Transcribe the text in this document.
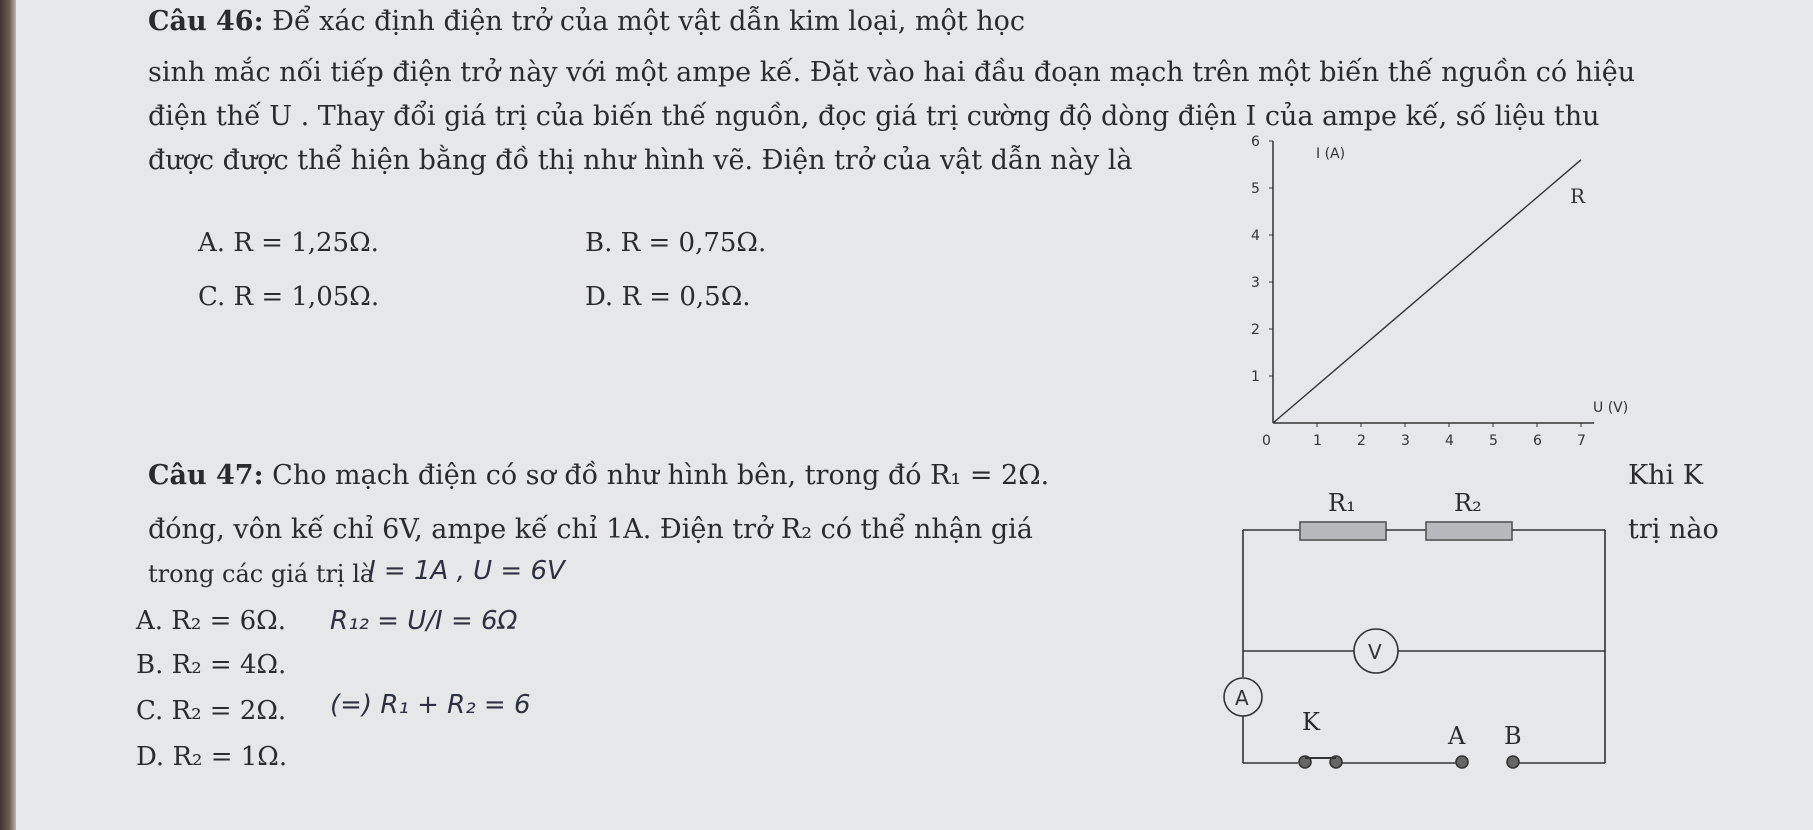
Câu 46: Để xác định điện trở của một vật dẫn kim loại, một học
sinh mắc nối tiếp điện trở này với một ampe kế. Đặt vào hai đầu đoạn mạch trên một biến thế nguồn có hiệu
điện thế U . Thay đổi giá trị của biến thế nguồn, đọc giá trị cường độ dòng điện I của ampe kế, số liệu thu
được được thể hiện bằng đồ thị như hình vẽ. Điện trở của vật dẫn này là
A. R = 1,25Ω.	B. R = 0,75Ω.
C. R = 1,05Ω.	D. R = 0,5Ω.
I (A)
U (V)
0
R
1	2	3	4	5	6	7
1
2
3
4
5
6
R₁	R₂
V
A
K	A B
Câu 47: Cho mạch điện có sơ đồ như hình bên, trong đó R₁ = 2Ω.	Khi K
đóng, vôn kế chỉ 6V, ampe kế chỉ 1A. Điện trở R₂ có thể nhận giá	trị nào
trong các giá trị là
A. R₂ = 6Ω.
B. R₂ = 4Ω.
C. R₂ = 2Ω.
D. R₂ = 1Ω.
I = 1A , U = 6V
R₁₂ = U/I = 6Ω
(=) R₁ + R₂ = 6
